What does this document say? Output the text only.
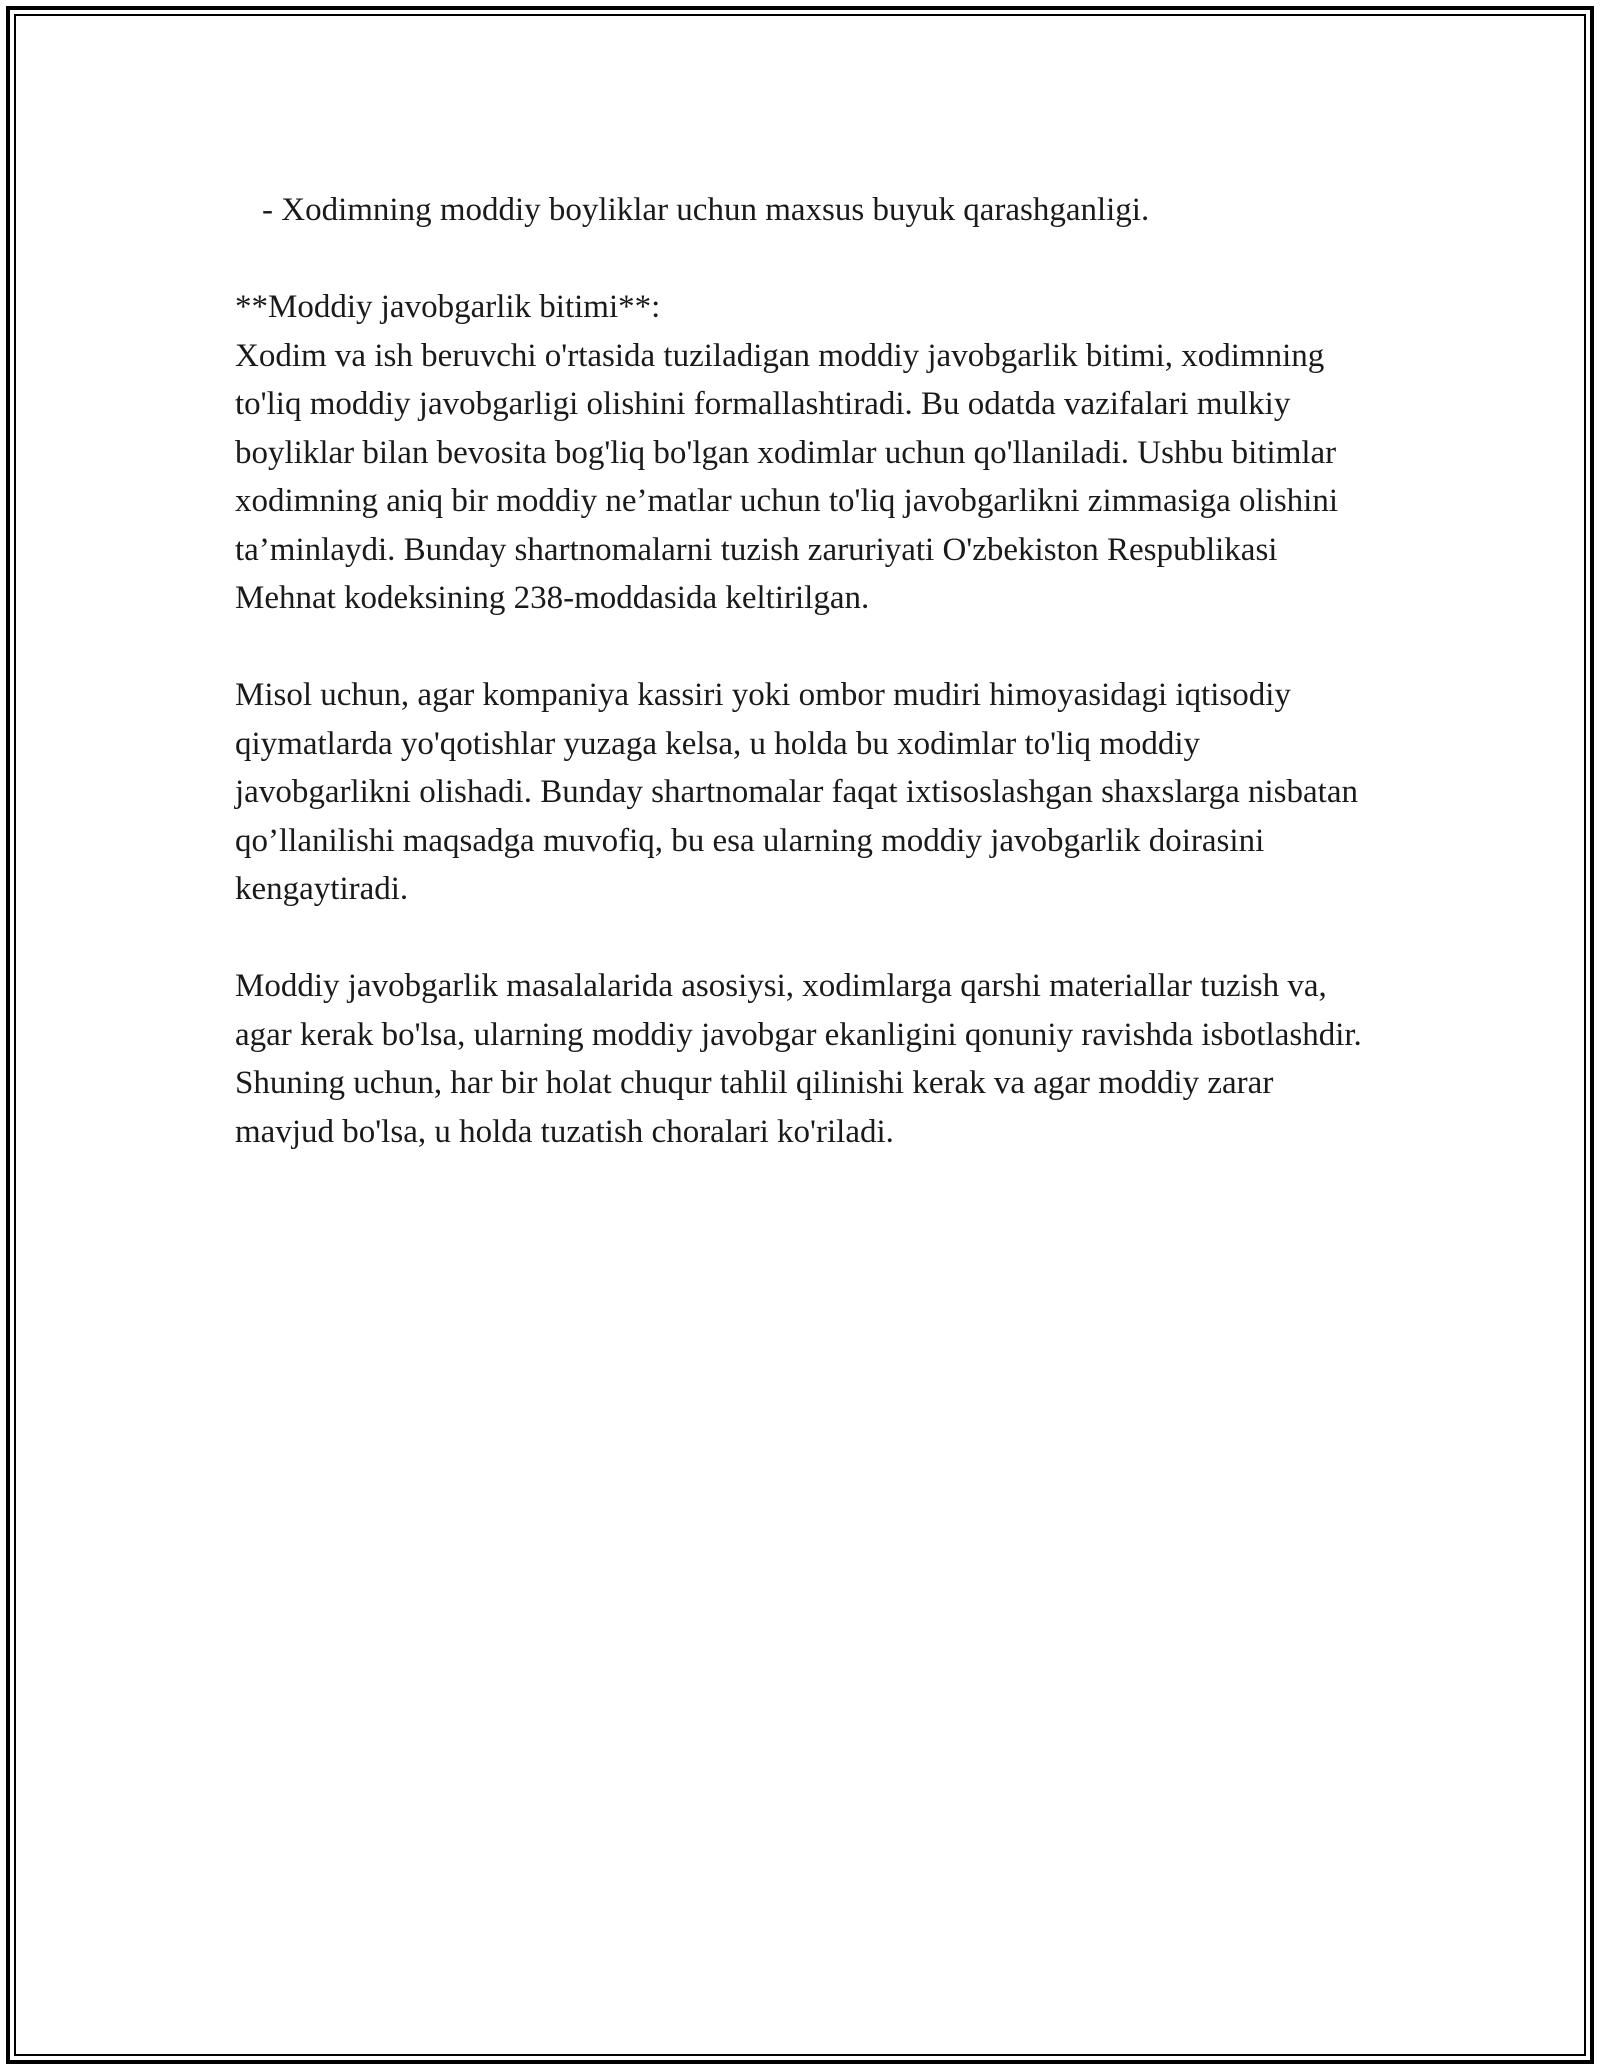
- Xodimning moddiy boyliklar uchun maxsus buyuk qarashganligi.

**Moddiy javobgarlik bitimi**:

Xodim va ish beruvchi o'rtasida tuziladigan moddiy javobgarlik bitimi, xodimning to'liq moddiy javobgarligi olishini formallashtiradi. Bu odatda vazifalari mulkiy boyliklar bilan bevosita bog'liq bo'lgan xodimlar uchun qo'llaniladi. Ushbu bitimlar xodimning aniq bir moddiy ne’matlar uchun to'liq javobgarlikni zimmasiga olishini ta’minlaydi. Bunday shartnomalarni tuzish zaruriyati O'zbekiston Respublikasi Mehnat kodeksining 238-moddasida keltirilgan.

Misol uchun, agar kompaniya kassiri yoki ombor mudiri himoyasidagi iqtisodiy qiymatlarda yo'qotishlar yuzaga kelsa, u holda bu xodimlar to'liq moddiy javobgarlikni olishadi. Bunday shartnomalar faqat ixtisoslashgan shaxslarga nisbatan qo’llanilishi maqsadga muvofiq, bu esa ularning moddiy javobgarlik doirasini kengaytiradi.

Moddiy javobgarlik masalalarida asosiysi, xodimlarga qarshi materiallar tuzish va, agar kerak bo'lsa, ularning moddiy javobgar ekanligini qonuniy ravishda isbotlashdir. Shuning uchun, har bir holat chuqur tahlil qilinishi kerak va agar moddiy zarar mavjud bo'lsa, u holda tuzatish choralari ko'riladi.
